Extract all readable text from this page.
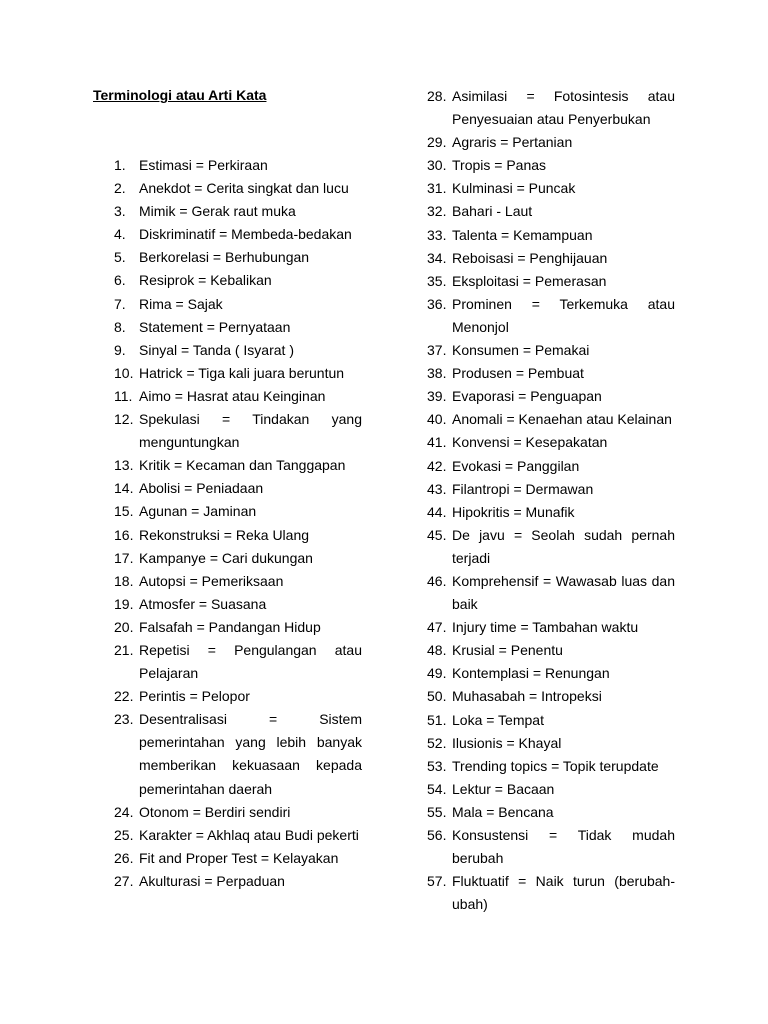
Terminologi atau Arti Kata
1. Estimasi = Perkiraan
2. Anekdot = Cerita singkat dan lucu
3. Mimik = Gerak raut muka
4. Diskriminatif = Membeda-bedakan
5. Berkorelasi = Berhubungan
6. Resiprok = Kebalikan
7. Rima = Sajak
8. Statement = Pernyataan
9. Sinyal = Tanda ( Isyarat )
10. Hatrick = Tiga kali juara beruntun
11. Aimo = Hasrat atau Keinginan
12. Spekulasi = Tindakan yang menguntungkan
13. Kritik = Kecaman dan Tanggapan
14. Abolisi = Peniadaan
15. Agunan = Jaminan
16. Rekonstruksi = Reka Ulang
17. Kampanye = Cari dukungan
18. Autopsi = Pemeriksaan
19. Atmosfer = Suasana
20. Falsafah = Pandangan Hidup
21. Repetisi = Pengulangan atau Pelajaran
22. Perintis = Pelopor
23. Desentralisasi = Sistem pemerintahan yang lebih banyak memberikan kekuasaan kepada pemerintahan daerah
24. Otonom = Berdiri sendiri
25. Karakter = Akhlaq atau Budi pekerti
26. Fit and Proper Test = Kelayakan
27. Akulturasi = Perpaduan
28. Asimilasi = Fotosintesis atau Penyesuaian atau Penyerbukan
29. Agraris = Pertanian
30. Tropis = Panas
31. Kulminasi = Puncak
32. Bahari - Laut
33. Talenta = Kemampuan
34. Reboisasi = Penghijauan
35. Eksploitasi = Pemerasan
36. Prominen = Terkemuka atau Menonjol
37. Konsumen = Pemakai
38. Produsen = Pembuat
39. Evaporasi = Penguapan
40. Anomali = Kenaehan atau Kelainan
41. Konvensi = Kesepakatan
42. Evokasi = Panggilan
43. Filantropi = Dermawan
44. Hipokritis = Munafik
45. De javu = Seolah sudah pernah terjadi
46. Komprehensif = Wawasab luas dan baik
47. Injury time = Tambahan waktu
48. Krusial = Penentu
49. Kontemplasi = Renungan
50. Muhasabah = Intropeksi
51. Loka = Tempat
52. Ilusionis = Khayal
53. Trending topics = Topik terupdate
54. Lektur = Bacaan
55. Mala = Bencana
56. Konsustensi = Tidak mudah berubah
57. Fluktuatif = Naik turun (berubah-ubah)
